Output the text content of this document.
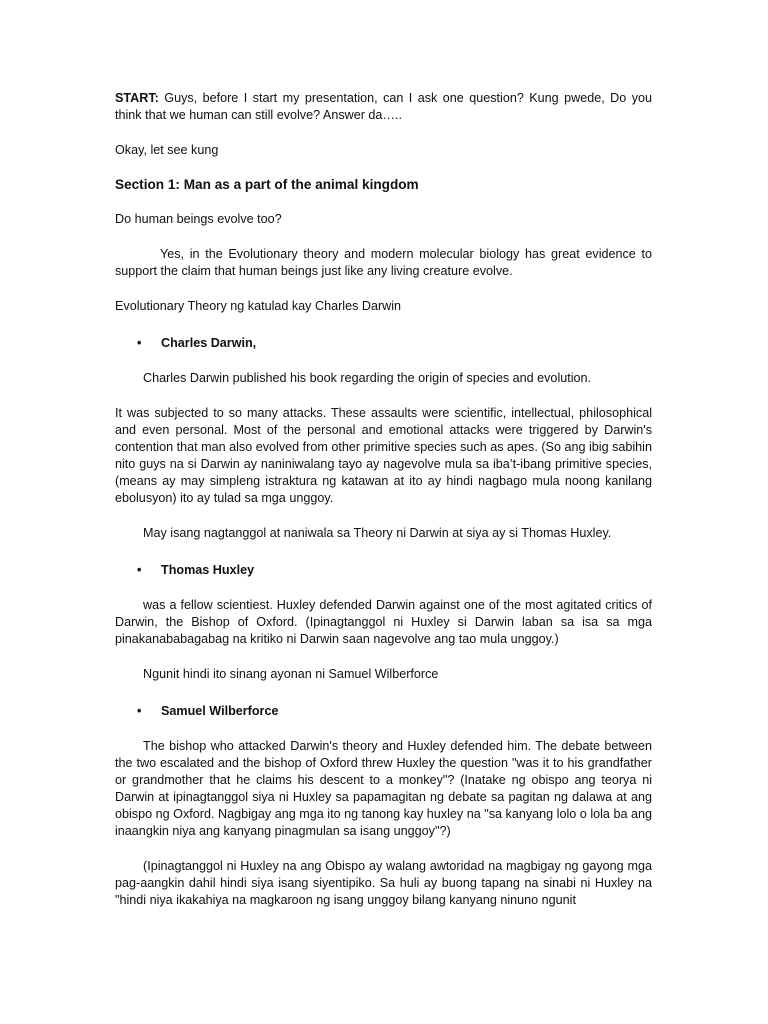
START: Guys, before I start my presentation, can I ask one question? Kung pwede, Do you think that we human can still evolve? Answer da…..

Okay, let see kung

Section 1: Man as a part of the animal kingdom

Do human beings evolve too?

Yes, in the Evolutionary theory and modern molecular biology has great evidence to support the claim that human beings just like any living creature evolve.

Evolutionary Theory ng katulad kay Charles Darwin

•	Charles Darwin,

Charles Darwin published his book regarding the origin of species and evolution.

It was subjected to so many attacks. These assaults were scientific, intellectual, philosophical and even personal. Most of the personal and emotional attacks were triggered by Darwin's contention that man also evolved from other primitive species such as apes. (So ang ibig sabihin nito guys na si Darwin ay naniniwalang tayo ay nagevolve mula sa iba’t-ibang primitive species, (means ay may simpleng istraktura ng katawan at ito ay hindi nagbago mula noong kanilang ebolusyon) ito ay tulad sa mga unggoy.

May isang nagtanggol at naniwala sa Theory ni Darwin at siya ay si Thomas Huxley.

•	Thomas Huxley

was a fellow scientiest. Huxley defended Darwin against one of the most agitated critics of Darwin, the Bishop of Oxford. (Ipinagtanggol ni Huxley si Darwin laban sa isa sa mga pinakanababagabag na kritiko ni Darwin saan nagevolve ang tao mula unggoy.)

Ngunit hindi ito sinang ayonan ni Samuel Wilberforce

•	Samuel Wilberforce

The bishop who attacked Darwin's theory and Huxley defended him. The debate between the two escalated and the bishop of Oxford threw Huxley the question "was it to his grandfather or grandmother that he claims his descent to a monkey"? (Inatake ng obispo ang teorya ni Darwin at ipinagtanggol siya ni Huxley sa papamagitan ng debate sa pagitan ng dalawa at ang obispo ng Oxford. Nagbigay ang mga ito ng tanong kay huxley na "sa kanyang lolo o lola ba ang inaangkin niya ang kanyang pinagmulan sa isang unggoy"?)

(Ipinagtanggol ni Huxley na ang Obispo ay walang awtoridad na magbigay ng gayong mga pag-aangkin dahil hindi siya isang siyentipiko. Sa huli ay buong tapang na sinabi ni Huxley na "hindi niya ikakahiya na magkaroon ng isang unggoy bilang kanyang ninuno ngunit
